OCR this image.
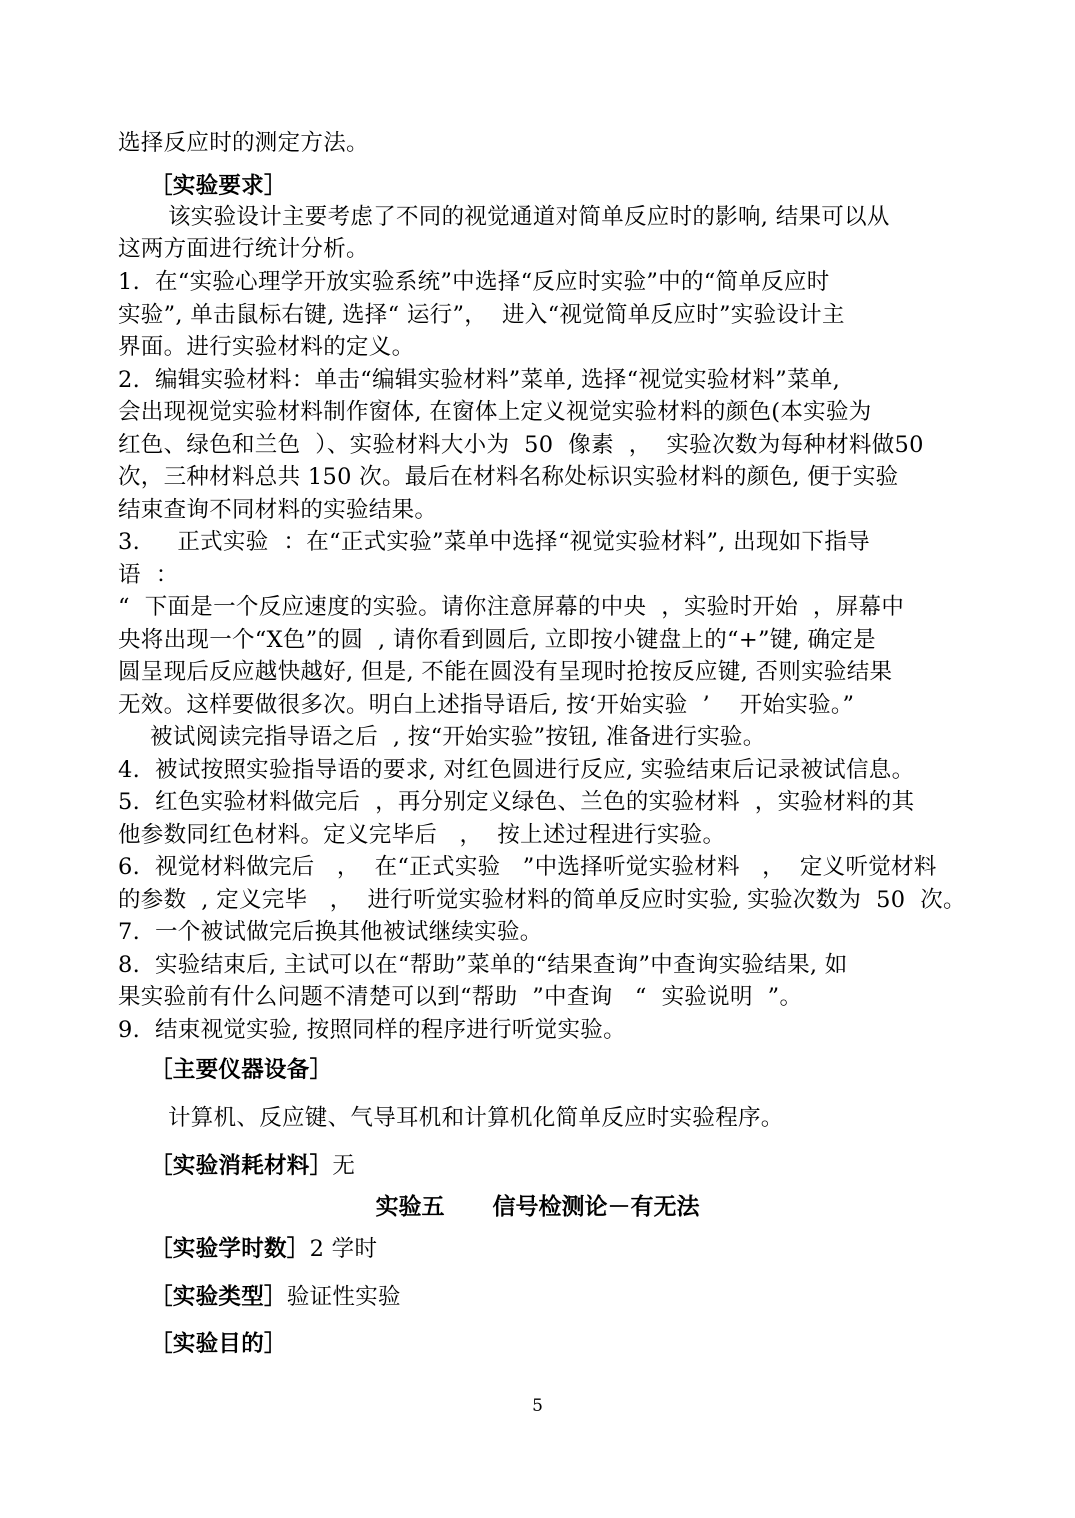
选择反应时的测定方法。
［实验要求］
该实验设计主要考虑了不同的视觉通道对简单反应时的影响, 结果可以从
这两方面进行统计分析。
1.  在“实验心理学开放实验系统”中选择“反应时实验”中的“简单反应时
实验”, 单击鼠标右键, 选择“ 运行”，  进入“视觉简单反应时”实验设计主
界面。进行实验材料的定义。
2.  编辑实验材料：单击“编辑实验材料”菜单, 选择“视觉实验材料”菜单,
会出现视觉实验材料制作窗体, 在窗体上定义视觉实验材料的颜色(本实验为
红色、绿色和兰色  ）、实验材料大小为  50  像素  ，  实验次数为每种材料做50
次，三种材料总共 150 次。最后在材料名称处标识实验材料的颜色, 便于实验
结束查询不同材料的实验结果。
3.     正式实验  ：在“正式实验”菜单中选择“视觉实验材料”, 出现如下指导
语  ：
“  下面是一个反应速度的实验。请你注意屏幕的中央  ，实验时开始  ，屏幕中
央将出现一个“X色”的圆  , 请你看到圆后, 立即按小键盘上的“+”键, 确定是
圆呈现后反应越快越好, 但是, 不能在圆没有呈现时抢按反应键, 否则实验结果
无效。这样要做很多次。明白上述指导语后, 按‘开始实验  ’    开始实验。”
被试阅读完指导语之后  , 按“开始实验”按钮, 准备进行实验。
4.  被试按照实验指导语的要求, 对红色圆进行反应, 实验结束后记录被试信息。
5.  红色实验材料做完后  ，再分别定义绿色、兰色的实验材料  ，实验材料的其
他参数同红色材料。定义完毕后   ，  按上述过程进行实验。
6.  视觉材料做完后   ，  在“正式实验   ”中选择听觉实验材料   ，  定义听觉材料
的参数  , 定义完毕   ，  进行听觉实验材料的简单反应时实验, 实验次数为  50  次。
7.  一个被试做完后换其他被试继续实验。
8.  实验结束后, 主试可以在“帮助”菜单的“结果查询”中查询实验结果, 如
果实验前有什么问题不清楚可以到“帮助  ”中查询   “  实验说明  ”。
9.  结束视觉实验, 按照同样的程序进行听觉实验。
［主要仪器设备］
计算机、反应键、气导耳机和计算机化简单反应时实验程序。
［实验消耗材料］无
实验五      信号检测论－有无法
［实验学时数］2 学时
［实验类型］验证性实验
［实验目的］
5
